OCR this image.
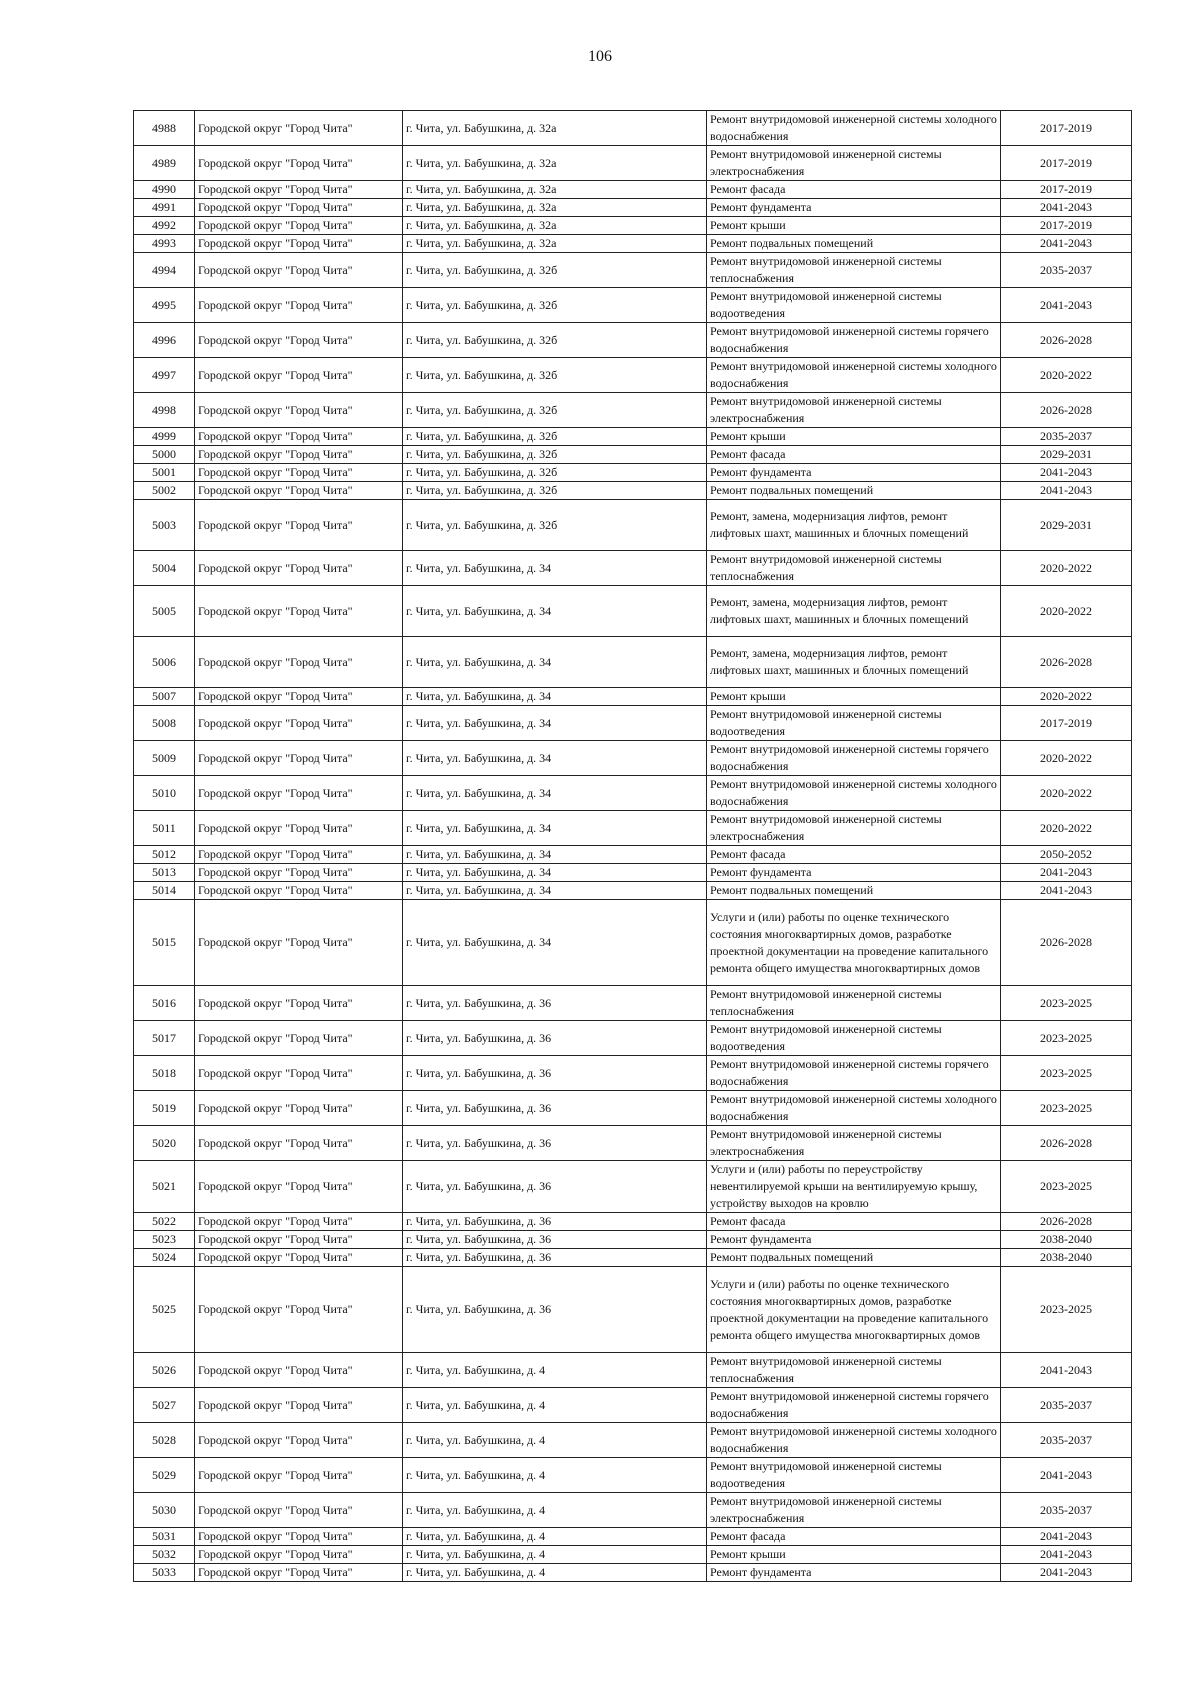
106
4988	Городской округ "Город Чита"	г. Чита, ул. Бабушкина, д. 32а	Ремонт внутридомовой инженерной системы холодного водоснабжения	2017-2019
4989	Городской округ "Город Чита"	г. Чита, ул. Бабушкина, д. 32а	Ремонт внутридомовой инженерной системы электроснабжения	2017-2019
4990	Городской округ "Город Чита"	г. Чита, ул. Бабушкина, д. 32а	Ремонт фасада	2017-2019
4991	Городской округ "Город Чита"	г. Чита, ул. Бабушкина, д. 32а	Ремонт фундамента	2041-2043
4992	Городской округ "Город Чита"	г. Чита, ул. Бабушкина, д. 32а	Ремонт крыши	2017-2019
4993	Городской округ "Город Чита"	г. Чита, ул. Бабушкина, д. 32а	Ремонт подвальных помещений	2041-2043
4994	Городской округ "Город Чита"	г. Чита, ул. Бабушкина, д. 32б	Ремонт внутридомовой инженерной системы теплоснабжения	2035-2037
4995	Городской округ "Город Чита"	г. Чита, ул. Бабушкина, д. 32б	Ремонт внутридомовой инженерной системы водоотведения	2041-2043
4996	Городской округ "Город Чита"	г. Чита, ул. Бабушкина, д. 32б	Ремонт внутридомовой инженерной системы горячего водоснабжения	2026-2028
4997	Городской округ "Город Чита"	г. Чита, ул. Бабушкина, д. 32б	Ремонт внутридомовой инженерной системы холодного водоснабжения	2020-2022
4998	Городской округ "Город Чита"	г. Чита, ул. Бабушкина, д. 32б	Ремонт внутридомовой инженерной системы электроснабжения	2026-2028
4999	Городской округ "Город Чита"	г. Чита, ул. Бабушкина, д. 32б	Ремонт крыши	2035-2037
5000	Городской округ "Город Чита"	г. Чита, ул. Бабушкина, д. 32б	Ремонт фасада	2029-2031
5001	Городской округ "Город Чита"	г. Чита, ул. Бабушкина, д. 32б	Ремонт фундамента	2041-2043
5002	Городской округ "Город Чита"	г. Чита, ул. Бабушкина, д. 32б	Ремонт подвальных помещений	2041-2043
5003	Городской округ "Город Чита"	г. Чита, ул. Бабушкина, д. 32б	Ремонт, замена, модернизация лифтов, ремонт лифтовых шахт, машинных и блочных помещений	2029-2031
5004	Городской округ "Город Чита"	г. Чита, ул. Бабушкина, д. 34	Ремонт внутридомовой инженерной системы теплоснабжения	2020-2022
5005	Городской округ "Город Чита"	г. Чита, ул. Бабушкина, д. 34	Ремонт, замена, модернизация лифтов, ремонт лифтовых шахт, машинных и блочных помещений	2020-2022
5006	Городской округ "Город Чита"	г. Чита, ул. Бабушкина, д. 34	Ремонт, замена, модернизация лифтов, ремонт лифтовых шахт, машинных и блочных помещений	2026-2028
5007	Городской округ "Город Чита"	г. Чита, ул. Бабушкина, д. 34	Ремонт крыши	2020-2022
5008	Городской округ "Город Чита"	г. Чита, ул. Бабушкина, д. 34	Ремонт внутридомовой инженерной системы водоотведения	2017-2019
5009	Городской округ "Город Чита"	г. Чита, ул. Бабушкина, д. 34	Ремонт внутридомовой инженерной системы горячего водоснабжения	2020-2022
5010	Городской округ "Город Чита"	г. Чита, ул. Бабушкина, д. 34	Ремонт внутридомовой инженерной системы холодного водоснабжения	2020-2022
5011	Городской округ "Город Чита"	г. Чита, ул. Бабушкина, д. 34	Ремонт внутридомовой инженерной системы электроснабжения	2020-2022
5012	Городской округ "Город Чита"	г. Чита, ул. Бабушкина, д. 34	Ремонт фасада	2050-2052
5013	Городской округ "Город Чита"	г. Чита, ул. Бабушкина, д. 34	Ремонт фундамента	2041-2043
5014	Городской округ "Город Чита"	г. Чита, ул. Бабушкина, д. 34	Ремонт подвальных помещений	2041-2043
5015	Городской округ "Город Чита"	г. Чита, ул. Бабушкина, д. 34	Услуги и (или) работы по оценке технического состояния многоквартирных домов, разработке проектной документации на проведение капитального ремонта общего имущества многоквартирных домов	2026-2028
5016	Городской округ "Город Чита"	г. Чита, ул. Бабушкина, д. 36	Ремонт внутридомовой инженерной системы теплоснабжения	2023-2025
5017	Городской округ "Город Чита"	г. Чита, ул. Бабушкина, д. 36	Ремонт внутридомовой инженерной системы водоотведения	2023-2025
5018	Городской округ "Город Чита"	г. Чита, ул. Бабушкина, д. 36	Ремонт внутридомовой инженерной системы горячего водоснабжения	2023-2025
5019	Городской округ "Город Чита"	г. Чита, ул. Бабушкина, д. 36	Ремонт внутридомовой инженерной системы холодного водоснабжения	2023-2025
5020	Городской округ "Город Чита"	г. Чита, ул. Бабушкина, д. 36	Ремонт внутридомовой инженерной системы электроснабжения	2026-2028
5021	Городской округ "Город Чита"	г. Чита, ул. Бабушкина, д. 36	Услуги и (или) работы по переустройству невентилируемой крыши на вентилируемую крышу, устройству выходов на кровлю	2023-2025
5022	Городской округ "Город Чита"	г. Чита, ул. Бабушкина, д. 36	Ремонт фасада	2026-2028
5023	Городской округ "Город Чита"	г. Чита, ул. Бабушкина, д. 36	Ремонт фундамента	2038-2040
5024	Городской округ "Город Чита"	г. Чита, ул. Бабушкина, д. 36	Ремонт подвальных помещений	2038-2040
5025	Городской округ "Город Чита"	г. Чита, ул. Бабушкина, д. 36	Услуги и (или) работы по оценке технического состояния многоквартирных домов, разработке проектной документации на проведение капитального ремонта общего имущества многоквартирных домов	2023-2025
5026	Городской округ "Город Чита"	г. Чита, ул. Бабушкина, д. 4	Ремонт внутридомовой инженерной системы теплоснабжения	2041-2043
5027	Городской округ "Город Чита"	г. Чита, ул. Бабушкина, д. 4	Ремонт внутридомовой инженерной системы горячего водоснабжения	2035-2037
5028	Городской округ "Город Чита"	г. Чита, ул. Бабушкина, д. 4	Ремонт внутридомовой инженерной системы холодного водоснабжения	2035-2037
5029	Городской округ "Город Чита"	г. Чита, ул. Бабушкина, д. 4	Ремонт внутридомовой инженерной системы водоотведения	2041-2043
5030	Городской округ "Город Чита"	г. Чита, ул. Бабушкина, д. 4	Ремонт внутридомовой инженерной системы электроснабжения	2035-2037
5031	Городской округ "Город Чита"	г. Чита, ул. Бабушкина, д. 4	Ремонт фасада	2041-2043
5032	Городской округ "Город Чита"	г. Чита, ул. Бабушкина, д. 4	Ремонт крыши	2041-2043
5033	Городской округ "Город Чита"	г. Чита, ул. Бабушкина, д. 4	Ремонт фундамента	2041-2043
